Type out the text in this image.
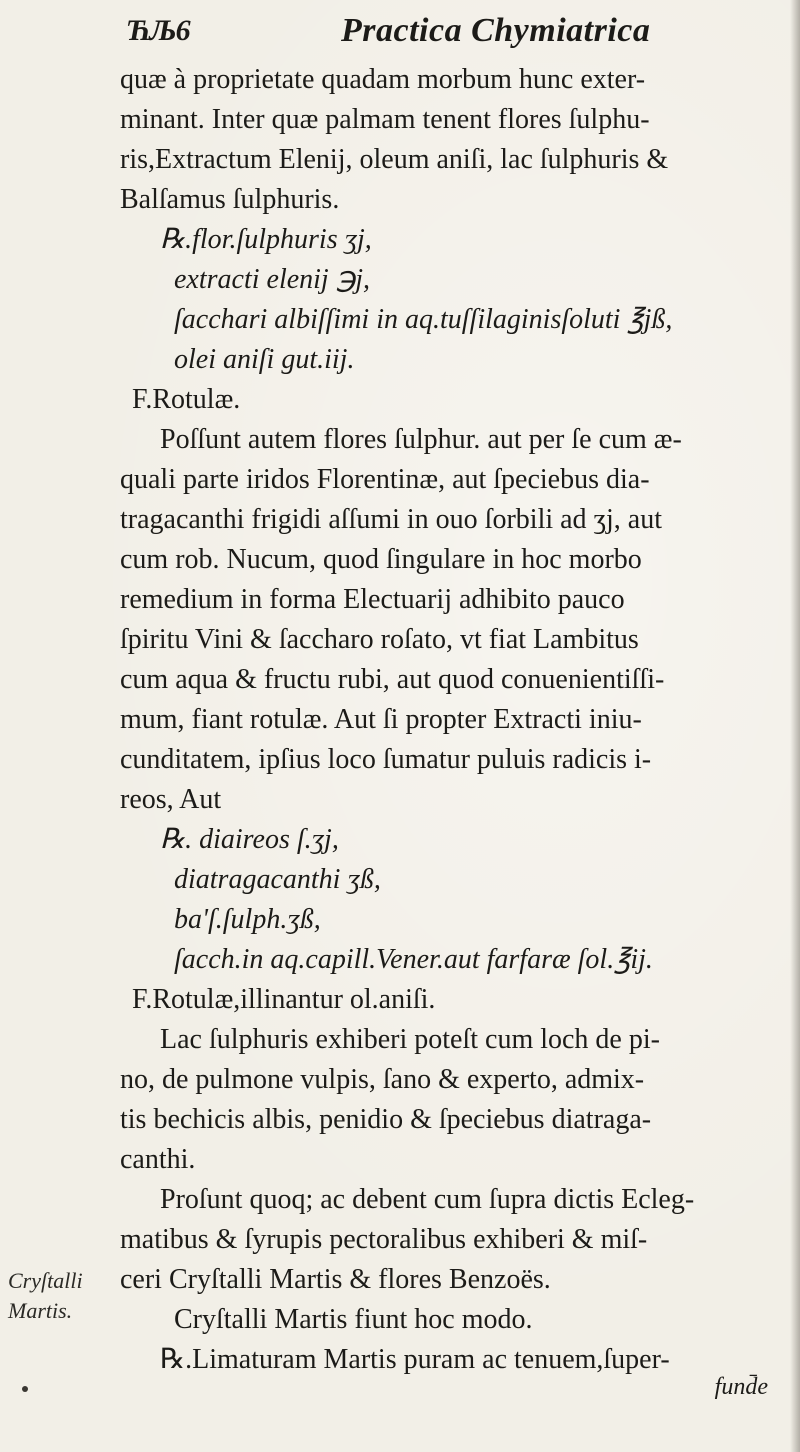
ЋЉ6	Practica Chymiatrica
quæ à proprietate quadam morbum hunc exter-
minant. Inter quæ palmam tenent flores ſulphu-
ris,Extractum Elenij, oleum aniſi, lac ſulphuris &
Balſamus ſulphuris.
℞.flor.ſulphuris ʒj,
extracti elenij ℈j,
ſacchari albiſſimi in aq.tuſſilaginisſoluti ℥jß,
olei aniſi gut.iij.
F.Rotulæ.
Poſſunt autem flores ſulphur. aut per ſe cum æ-
quali parte iridos Florentinæ, aut ſpeciebus dia-
tragacanthi frigidi aſſumi in ouo ſorbili ad ʒj, aut
cum rob. Nucum, quod ſingulare in hoc morbo
remedium in forma Electuarij adhibito pauco
ſpiritu Vini & ſaccharo roſato, vt fiat Lambitus
cum aqua & fructu rubi, aut quod conuenientiſſi-
mum, fiant rotulæ. Aut ſi propter Extracti iniu-
cunditatem, ipſius loco ſumatur puluis radicis i-
reos, Aut
℞. diaireos ſ.ʒj,
diatragacanthi ʒß,
ba'ſ.ſulph.ʒß,
ſacch.in aq.capill.Vener.aut farfaræ ſol.℥ij.
F.Rotulæ,illinantur ol.aniſi.
Lac ſulphuris exhiberi poteſt cum loch de pi-
no, de pulmone vulpis, ſano & experto, admix-
tis bechicis albis, penidio & ſpeciebus diatraga-
canthi.
Proſunt quoq; ac debent cum ſupra dictis Ecleg-
matibus & ſyrupis pectoralibus exhiberi & miſ-
ceri Cryſtalli Martis & flores Benzoës.
Cryſtalli Martis fiunt hoc modo.
℞.Limaturam Martis puram ac tenuem,ſuper-
Cryſtalli
Martis.
fund̄e
